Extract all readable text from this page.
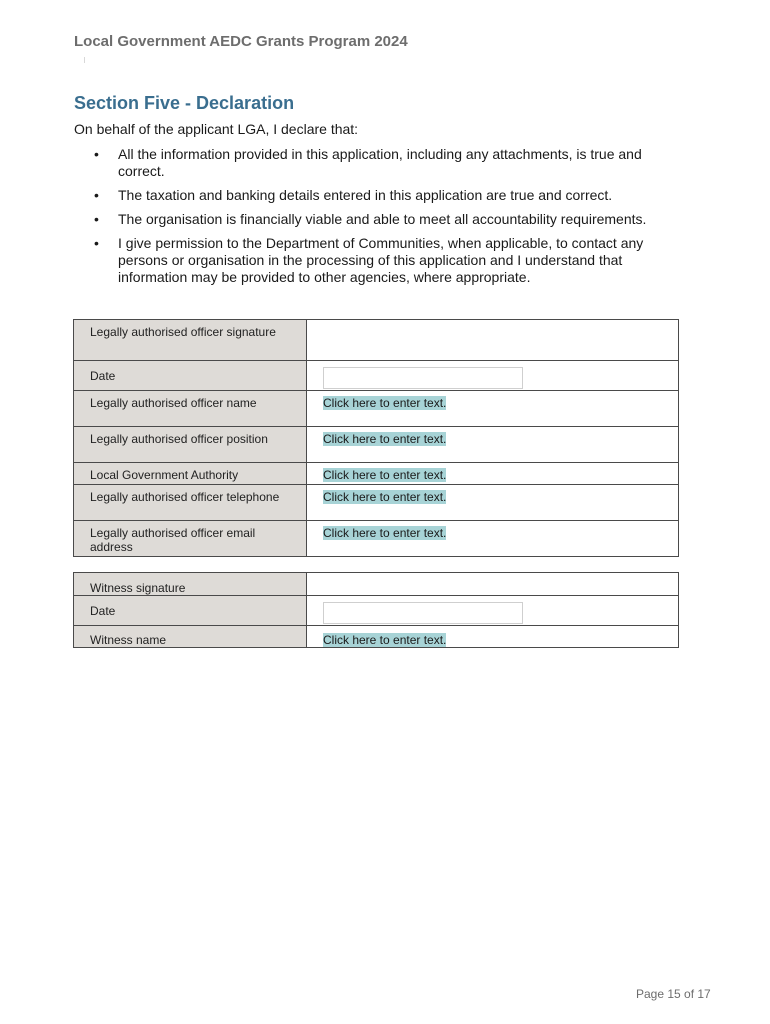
Local Government AEDC Grants Program 2024
Section Five - Declaration
On behalf of the applicant LGA, I declare that:
• All the information provided in this application, including any attachments, is true and correct.
• The taxation and banking details entered in this application are true and correct.
• The organisation is financially viable and able to meet all accountability requirements.
• I give permission to the Department of Communities, when applicable, to contact any persons or organisation in the processing of this application and I understand that information may be provided to other agencies, where appropriate.
Legally authorised officer signature	
Date	

Legally authorised officer name	Click here to enter text.
Legally authorised officer position	Click here to enter text.
Local Government Authority	Click here to enter text.
Legally authorised officer telephone	Click here to enter text.
Legally authorised officer email address	Click here to enter text.
Witness signature	
Date	

Witness name	Click here to enter text.
Page 15 of 17
